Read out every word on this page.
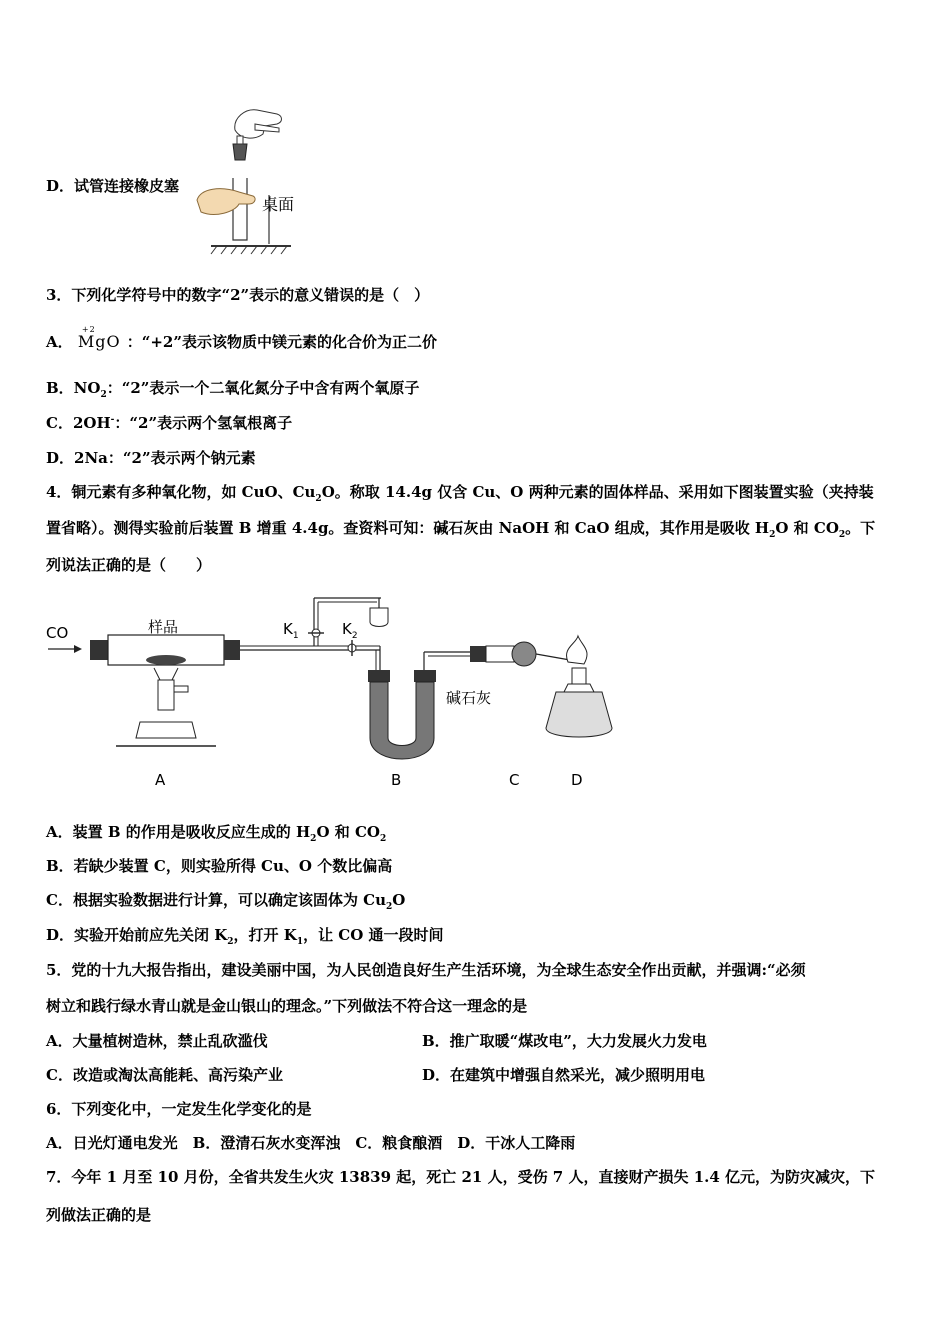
D．试管连接橡皮塞
桌面
3．下列化学符号中的数字“2”表示的意义错误的是（　）
A．
+2
MgO ：“+2”表示该物质中镁元素的化合价为正二价
B．$NO_2$：“2”表示一个二氧化氮分子中含有两个氧原子
C．2OH-：“2”表示两个氢氧根离子
D．2Na：“2”表示两个钠元素
4．铜元素有多种氧化物，如 CuO、$Cu_2O$。称取 14.4g 仅含 Cu、O 两种元素的固体样品、采用如下图装置实验（夹持装
置省略）。测得实验前后装置 B 增重 4.4g。查资料可知：碱石灰由 NaOH 和 CaO 组成，其作用是吸收 $H_2O$ 和 $CO_2$。下
列说法正确的是（　　）
CO	样品	$K_1$	$K_2$
碱石灰
A	B	C	D
A．装置 B 的作用是吸收反应生成的 $H_2O$ 和 $CO_2$
B．若缺少装置 C，则实验所得 Cu、O 个数比偏高
C．根据实验数据进行计算，可以确定该固体为 $Cu_2O$
D．实验开始前应先关闭 $K_2$，打开 $K_1$，让 CO 通一段时间
5．党的十九大报告指出，建设美丽中国，为人民创造良好生产生活环境，为全球生态安全作出贡献，并强调:“必须
树立和践行绿水青山就是金山银山的理念。”下列做法不符合这一理念的是
A．大量植树造林，禁止乱砍滥伐	B．推广取暖“煤改电”，大力发展火力发电
C．改造或淘汰高能耗、高污染产业	D．在建筑中增强自然采光，减少照明用电
6．下列变化中，一定发生化学变化的是
A．日光灯通电发光　B．澄清石灰水变浑浊　C．粮食酿酒　D．干冰人工降雨
7．今年 1 月至 10 月份，全省共发生火灾 13839 起，死亡 21 人，受伤 7 人，直接财产损失 1.4 亿元，为防灾减灾，下
列做法正确的是
